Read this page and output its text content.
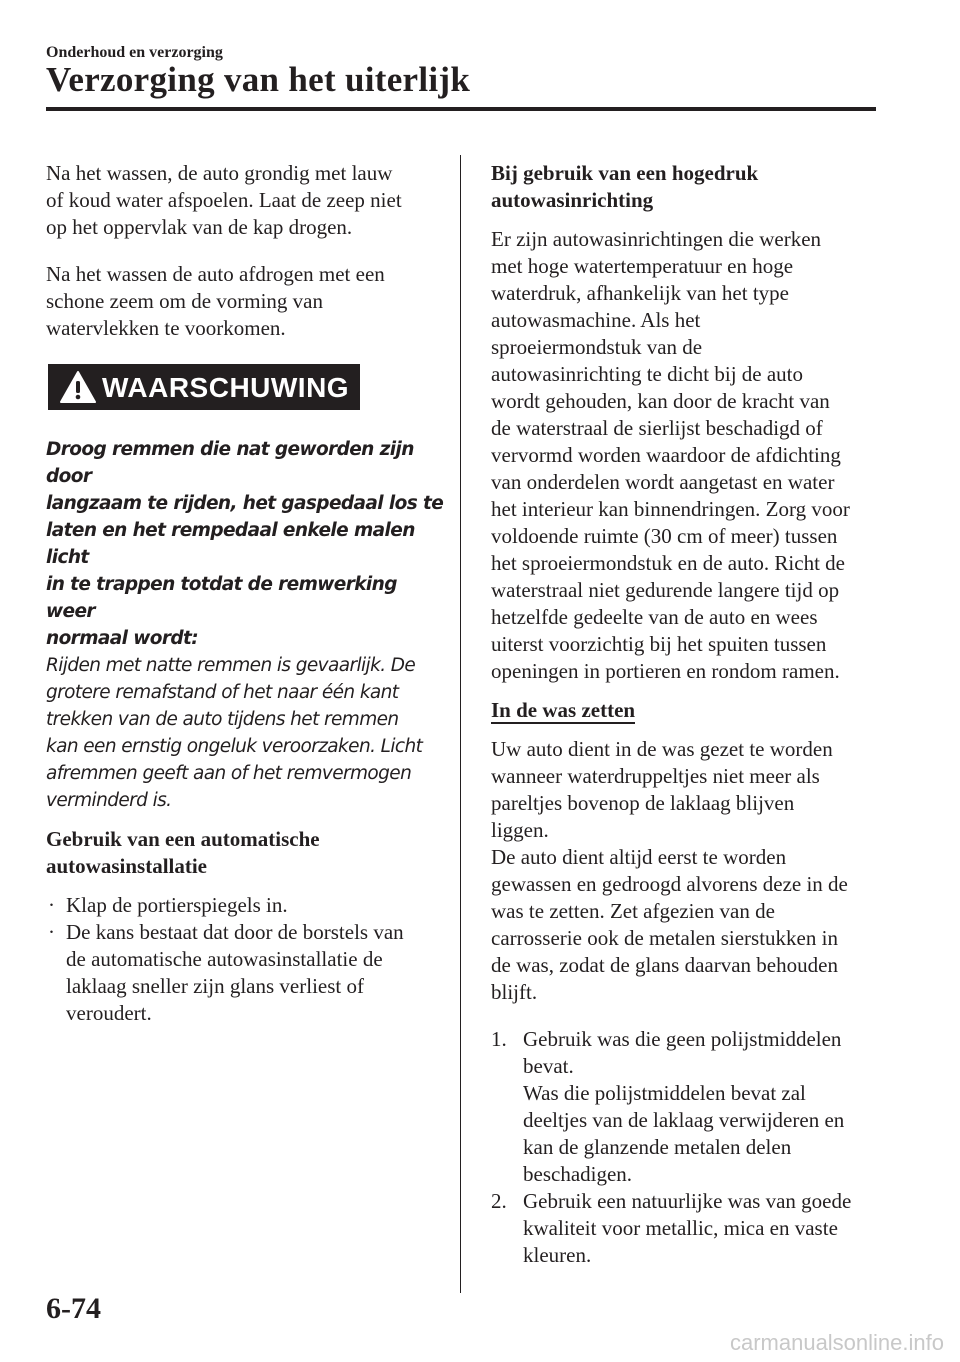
Onderhoud en verzorging
Verzorging van het uiterlijk

Na het wassen, de auto grondig met lauw
of koud water afspoelen. Laat de zeep niet
op het oppervlak van de kap drogen.

Na het wassen de auto afdrogen met een
schone zeem om de vorming van
watervlekken te voorkomen.

WAARSCHUWING

Droog remmen die nat geworden zijn door
langzaam te rijden, het gaspedaal los te
laten en het rempedaal enkele malen licht
in te trappen totdat de remwerking weer
normaal wordt:

Rijden met natte remmen is gevaarlijk. De
grotere remafstand of het naar één kant
trekken van de auto tijdens het remmen
kan een ernstig ongeluk veroorzaken. Licht
afremmen geeft aan of het remvermogen
verminderd is.

Gebruik van een automatische
autowasinstallatie

· Klap de portierspiegels in.
· De kans bestaat dat door de borstels van
de automatische autowasinstallatie de
laklaag sneller zijn glans verliest of
veroudert.

Bij gebruik van een hogedruk
autowasinrichting

Er zijn autowasinrichtingen die werken
met hoge watertemperatuur en hoge
waterdruk, afhankelijk van het type
autowasmachine. Als het
sproeiermondstuk van de
autowasinrichting te dicht bij de auto
wordt gehouden, kan door de kracht van
de waterstraal de sierlijst beschadigd of
vervormd worden waardoor de afdichting
van onderdelen wordt aangetast en water
het interieur kan binnendringen. Zorg voor
voldoende ruimte (30 cm of meer) tussen
het sproeiermondstuk en de auto. Richt de
waterstraal niet gedurende langere tijd op
hetzelfde gedeelte van de auto en wees
uiterst voorzichtig bij het spuiten tussen
openingen in portieren en rondom ramen.

In de was zetten

Uw auto dient in de was gezet te worden
wanneer waterdruppeltjes niet meer als
pareltjes bovenop de laklaag blijven
liggen.
De auto dient altijd eerst te worden
gewassen en gedroogd alvorens deze in de
was te zetten. Zet afgezien van de
carrosserie ook de metalen sierstukken in
de was, zodat de glans daarvan behouden
blijft.

1. Gebruik was die geen polijstmiddelen
bevat.
Was die polijstmiddelen bevat zal
deeltjes van de laklaag verwijderen en
kan de glanzende metalen delen
beschadigen.
2. Gebruik een natuurlijke was van goede
kwaliteit voor metallic, mica en vaste
kleuren.
6-74
carmanualsonline.info
